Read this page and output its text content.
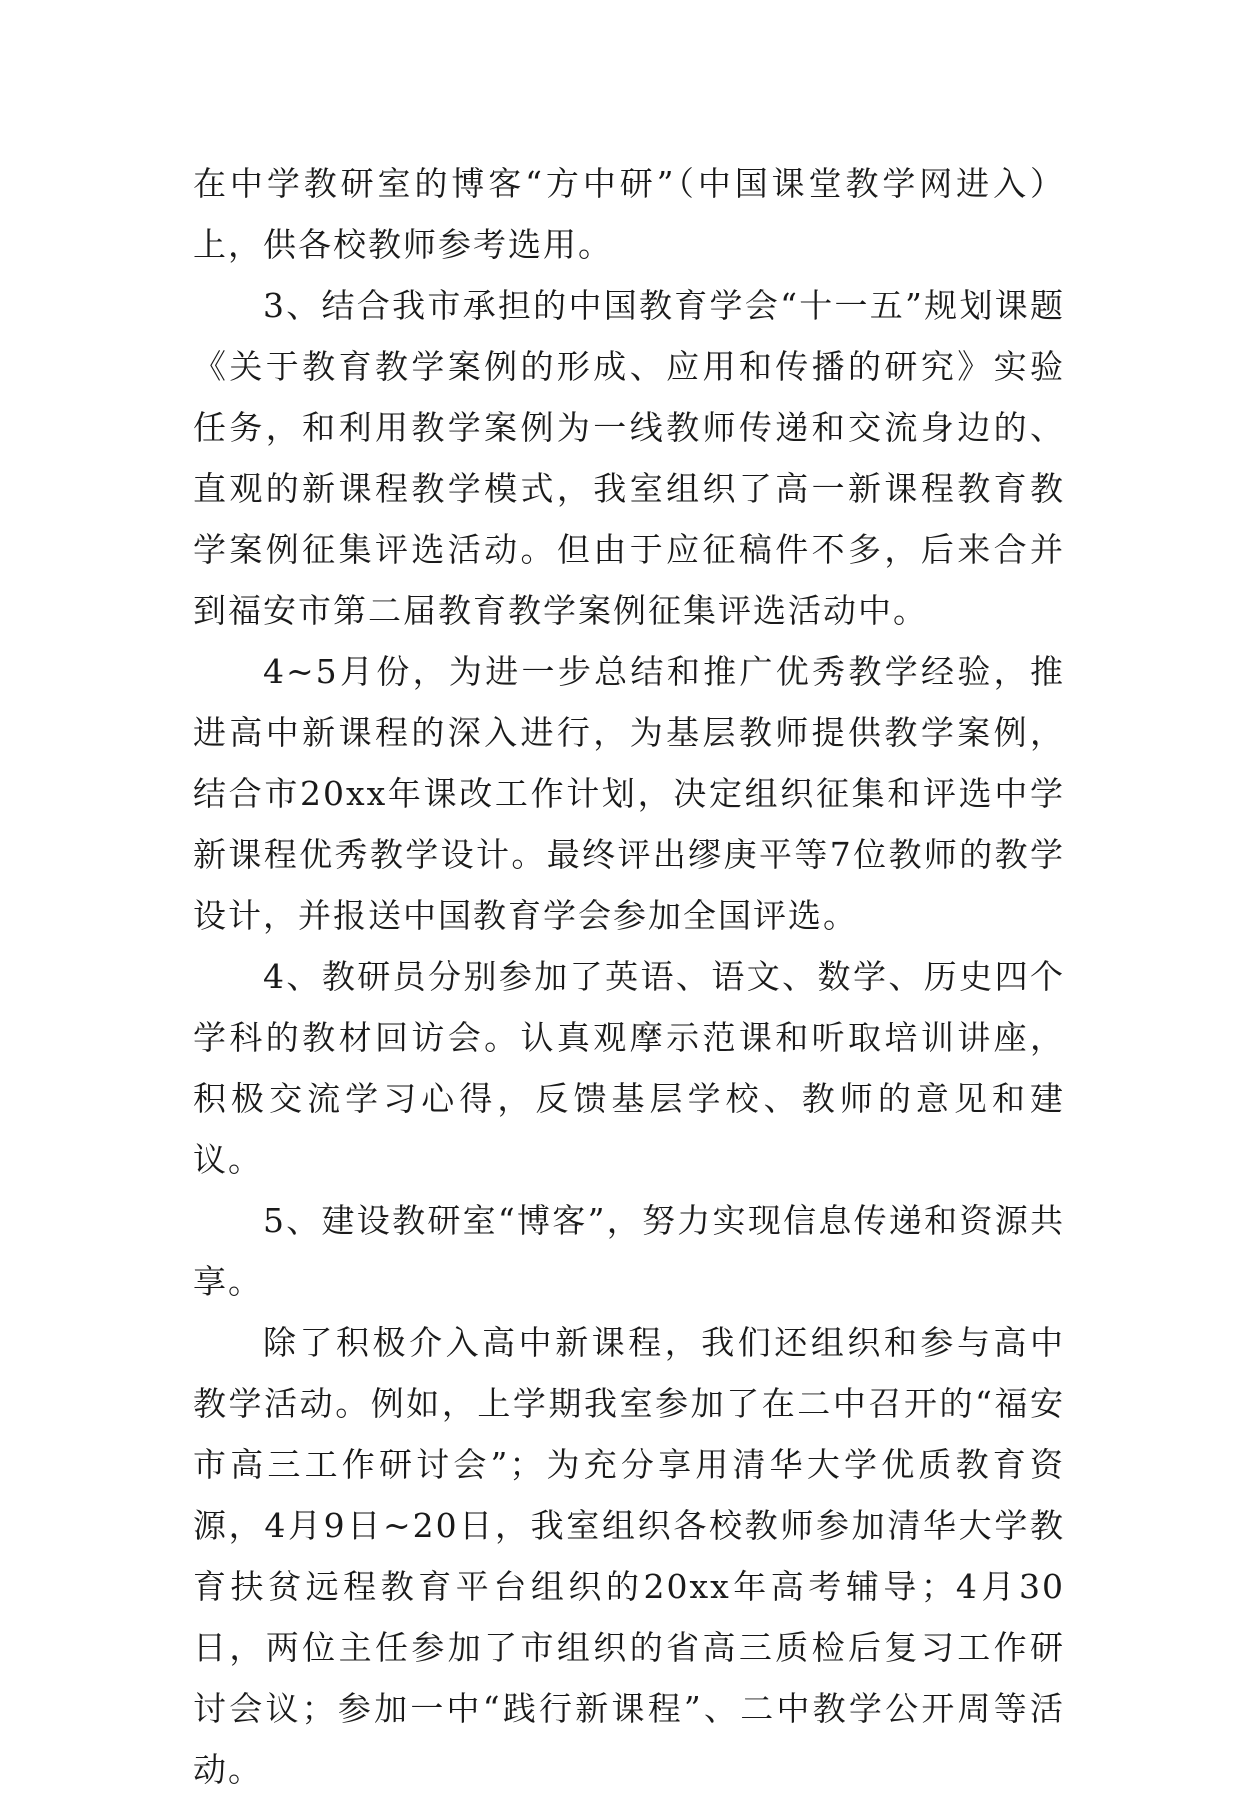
在中学教研室的博客“方中研”（中国课堂教学网进入）上，供各校教师参考选用。

3、结合我市承担的中国教育学会“十一五”规划课题《关于教育教学案例的形成、应用和传播的研究》实验任务，和利用教学案例为一线教师传递和交流身边的、直观的新课程教学模式，我室组织了高一新课程教育教学案例征集评选活动。但由于应征稿件不多，后来合并到福安市第二届教育教学案例征集评选活动中。

4~5月份，为进一步总结和推广优秀教学经验，推进高中新课程的深入进行，为基层教师提供教学案例，结合市20xx年课改工作计划，决定组织征集和评选中学新课程优秀教学设计。最终评出缪庚平等7位教师的教学设计，并报送中国教育学会参加全国评选。

4、教研员分别参加了英语、语文、数学、历史四个学科的教材回访会。认真观摩示范课和听取培训讲座，积极交流学习心得，反馈基层学校、教师的意见和建议。

5、建设教研室“博客”，努力实现信息传递和资源共享。

除了积极介入高中新课程，我们还组织和参与高中教学活动。例如，上学期我室参加了在二中召开的“福安市高三工作研讨会”；为充分享用清华大学优质教育资源，4月9日~20日，我室组织各校教师参加清华大学教育扶贫远程教育平台组织的20xx年高考辅导；4月30日，两位主任参加了市组织的省高三质检后复习工作研讨会议；参加一中“践行新课程”、二中教学公开周等活动。
